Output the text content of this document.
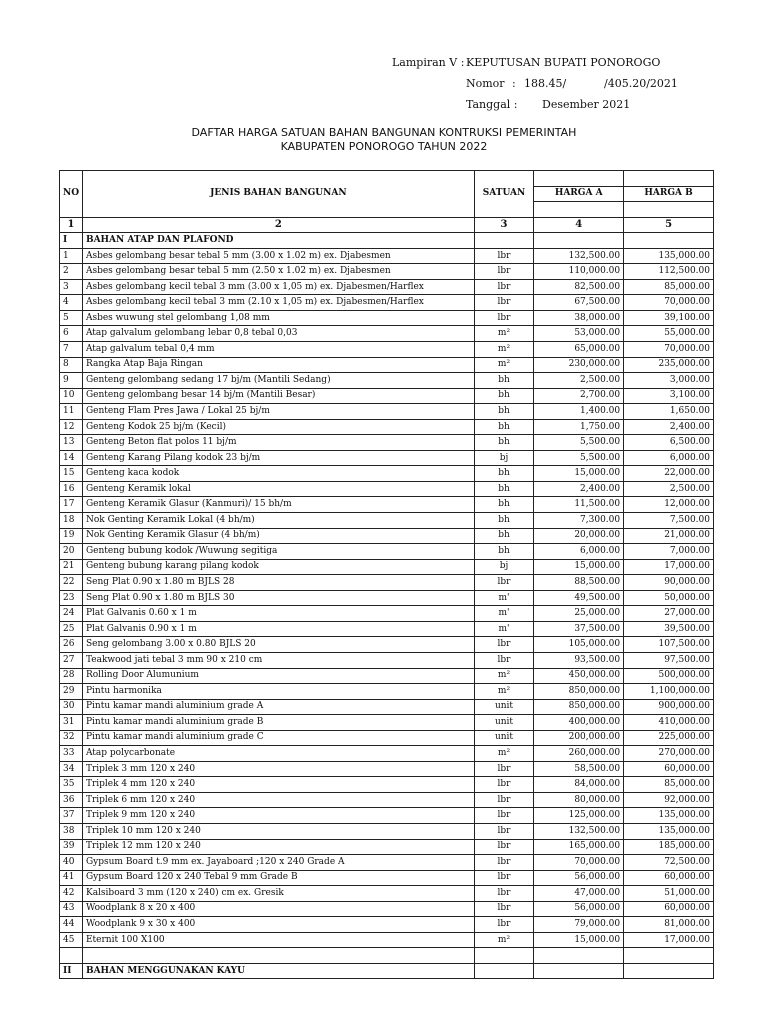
Lampiran V : KEPUTUSAN BUPATI PONOROGO
Nomor : 188.45/	/405.20/2021
Tanggal : Desember 2021
DAFTAR HARGA SATUAN BAHAN BANGUNAN KONTRUKSI PEMERINTAH
KABUPATEN PONOROGO TAHUN 2022
NO	JENIS BAHAN BANGUNAN	SATUAN		
			HARGA A	HARGA B

1	2	3	4	5
I	BAHAN ATAP DAN PLAFOND			
1	Asbes gelombang besar tebal 5 mm (3.00 x 1.02 m) ex. Djabesmen	lbr	132,500.00	135,000.00
2	Asbes gelombang besar tebal 5 mm (2.50 x 1.02 m) ex. Djabesmen	lbr	110,000.00	112,500.00
3	Asbes gelombang kecil tebal 3 mm (3.00 x 1,05 m) ex. Djabesmen/Harflex	lbr	82,500.00	85,000.00
4	Asbes gelombang kecil tebal 3 mm (2.10 x 1,05 m) ex. Djabesmen/Harflex	lbr	67,500.00	70,000.00
5	Asbes wuwung stel gelombang 1,08 mm	lbr	38,000.00	39,100.00
6	Atap galvalum gelombang lebar 0,8 tebal 0,03	m²	53,000.00	55,000.00
7	Atap galvalum tebal 0,4 mm	m²	65,000.00	70,000.00
8	Rangka Atap Baja Ringan	m²	230,000.00	235,000.00
9	Genteng gelombang sedang 17 bj/m (Mantili Sedang)	bh	2,500.00	3,000.00
10	Genteng gelombang besar 14 bj/m (Mantili Besar)	bh	2,700.00	3,100.00
11	Genteng Flam Pres Jawa / Lokal 25 bj/m	bh	1,400.00	1,650.00
12	Genteng Kodok 25 bj/m (Kecil)	bh	1,750.00	2,400.00
13	Genteng Beton flat polos 11 bj/m	bh	5,500.00	6,500.00
14	Genteng Karang Pilang kodok 23 bj/m	bj	5,500.00	6,000.00
15	Genteng kaca kodok	bh	15,000.00	22,000.00
16	Genteng Keramik lokal	bh	2,400.00	2,500.00
17	Genteng Keramik Glasur (Kanmuri)/ 15 bh/m	bh	11,500.00	12,000.00
18	Nok Genting Keramik Lokal (4 bh/m)	bh	7,300.00	7,500.00
19	Nok Genting Keramik Glasur (4 bh/m)	bh	20,000.00	21,000.00
20	Genteng bubung kodok /Wuwung segitiga	bh	6,000.00	7,000.00
21	Genteng bubung karang pilang kodok	bj	15,000.00	17,000.00
22	Seng Plat 0.90 x 1.80 m BJLS 28	lbr	88,500.00	90,000.00
23	Seng Plat 0.90 x 1.80 m BJLS 30	m'	49,500.00	50,000.00
24	Plat Galvanis 0.60 x 1 m	m'	25,000.00	27,000.00
25	Plat Galvanis 0.90 x 1 m	m'	37,500.00	39,500.00
26	Seng gelombang 3.00 x 0.80 BJLS 20	lbr	105,000.00	107,500.00
27	Teakwood jati tebal 3 mm 90 x 210 cm	lbr	93,500.00	97,500.00
28	Rolling Door Alumunium	m²	450,000.00	500,000.00
29	Pintu harmonika	m²	850,000.00	1,100,000.00
30	Pintu kamar mandi aluminium grade A	unit	850,000.00	900,000.00
31	Pintu kamar mandi aluminium grade B	unit	400,000.00	410,000.00
32	Pintu kamar mandi aluminium grade C	unit	200,000.00	225,000.00
33	Atap polycarbonate	m²	260,000.00	270,000.00
34	Triplek 3 mm 120 x 240	lbr	58,500.00	60,000.00
35	Triplek 4 mm 120 x 240	lbr	84,000.00	85,000.00
36	Triplek 6 mm 120 x 240	lbr	80,000.00	92,000.00
37	Triplek 9 mm 120 x 240	lbr	125,000.00	135,000.00
38	Triplek 10 mm 120 x 240	lbr	132,500.00	135,000.00
39	Triplek 12 mm 120 x 240	lbr	165,000.00	185,000.00
40	Gypsum Board t.9 mm ex. Jayaboard ;120 x 240 Grade A	lbr	70,000.00	72,500.00
41	Gypsum Board 120 x 240 Tebal 9 mm Grade B	lbr	56,000.00	60,000.00
42	Kalsiboard 3 mm (120 x 240) cm ex. Gresik	lbr	47,000.00	51,000.00
43	Woodplank 8 x 20 x 400	lbr	56,000.00	60,000.00
44	Woodplank 9 x 30 x 400	lbr	79,000.00	81,000.00
45	Eternit 100 X100	m²	15,000.00	17,000.00

II	BAHAN MENGGUNAKAN KAYU			
